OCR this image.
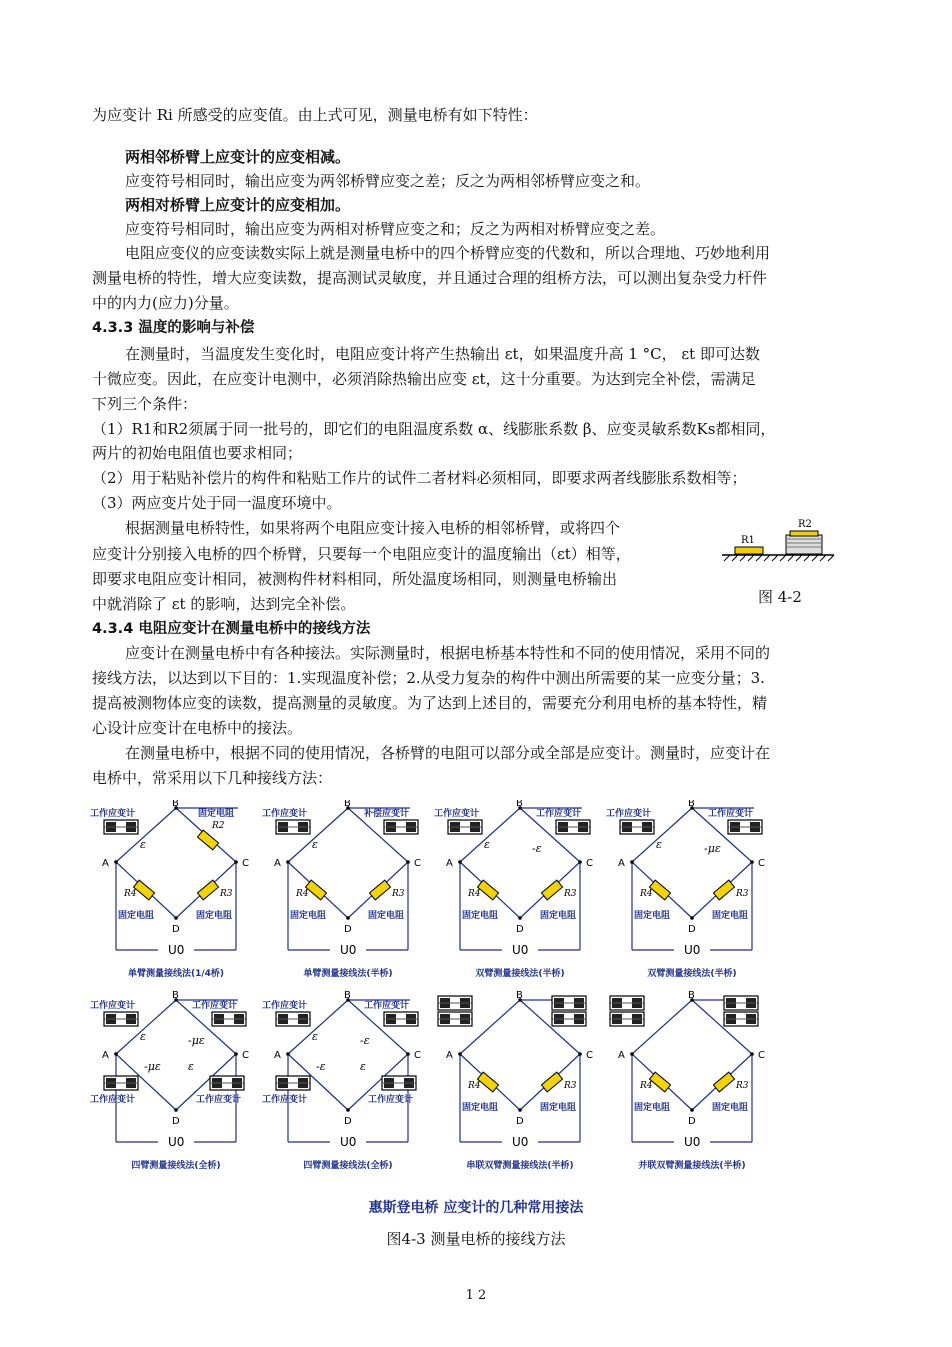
为应变计 Ri 所感受的应变值。由上式可见，测量电桥有如下特性：
两相邻桥臂上应变计的应变相减。
应变符号相同时，输出应变为两邻桥臂应变之差；反之为两相邻桥臂应变之和。
两相对桥臂上应变计的应变相加。
应变符号相同时，输出应变为两相对桥臂应变之和；反之为两相对桥臂应变之差。
电阻应变仪的应变读数实际上就是测量电桥中的四个桥臂应变的代数和，所以合理地、巧妙地利用
测量电桥的特性，增大应变读数，提高测试灵敏度，并且通过合理的组桥方法，可以测出复杂受力杆件
中的内力(应力)分量。
4.3.3 温度的影响与补偿
在测量时，当温度发生变化时，电阻应变计将产生热输出 εt，如果温度升高 1 °C， εt 即可达数
十微应变。因此，在应变计电测中，必须消除热输出应变 εt，这十分重要。为达到完全补偿，需满足
下列三个条件：
（1）R1和R2须属于同一批号的，即它们的电阻温度系数 α、线膨胀系数 β、应变灵敏系数Ks都相同，
两片的初始电阻值也要求相同；
（2）用于粘贴补偿片的构件和粘贴工作片的试件二者材料必须相同，即要求两者线膨胀系数相等；
（3）两应变片处于同一温度环境中。
根据测量电桥特性，如果将两个电阻应变计接入电桥的相邻桥臂，或将四个
应变计分别接入电桥的四个桥臂，只要每一个电阻应变计的温度输出（εt）相等，
即要求电阻应变计相同，被测构件材料相同，所处温度场相同，则测量电桥输出
中就消除了 εt 的影响，达到完全补偿。
4.3.4 电阻应变计在测量电桥中的接线方法
应变计在测量电桥中有各种接法。实际测量时，根据电桥基本特性和不同的使用情况，采用不同的
接线方法，以达到以下目的：1.实现温度补偿；2.从受力复杂的构件中测出所需要的某一应变分量；3.
提高被测物体应变的读数，提高测量的灵敏度。为了达到上述目的，需要充分利用电桥的基本特性，精
心设计应变计在电桥中的接法。
在测量电桥中，根据不同的使用情况，各桥臂的电阻可以部分或全部是应变计。测量时，应变计在
电桥中，常采用以下几种接线方法：
R1
R2
图 4-2
A
B
C
D
U0
工作应变计	固定电阻
R2
ε
R4	R3
固定电阻	固定电阻
单臂测量接线法(1/4桥)
A
B
C
D
U0
工作应变计	补偿应变计
ε
R4	R3
固定电阻	固定电阻
单臂测量接线法(半桥)
A
B
C
D
U0
工作应变计	工作应变计
ε	-ε
R4	R3
固定电阻	固定电阻
双臂测量接线法(半桥)
A
B
C
D
U0
工作应变计	工作应变计
ε	-με
R4	R3
固定电阻	固定电阻
双臂测量接线法(半桥)
A
B
C
D
U0
工作应变计	工作应变计
ε	-με
-με ε
工作应变计	工作应变计
四臂测量接线法(全桥)
A
B
C
D
U0
工作应变计	工作应变计
ε	-ε
-ε	ε
工作应变计	工作应变计
四臂测量接线法(全桥)
A
B
C
D
U0
R4	R3
固定电阻	固定电阻
串联双臂测量接线法(半桥)
A
B
C
D
U0
R4	R3
固定电阻	固定电阻
并联双臂测量接线法(半桥)
惠斯登电桥 应变计的几种常用接法
图4-3 测量电桥的接线方法
1 2
